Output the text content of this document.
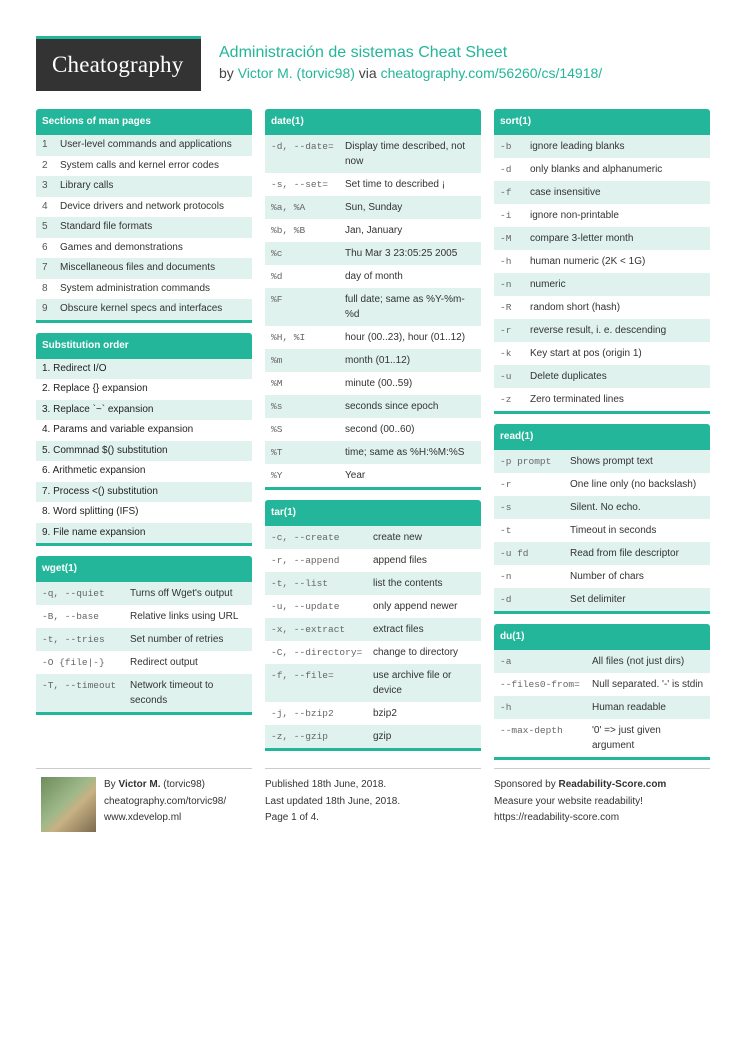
Cheatography Administración de sistemas Cheat Sheet
by Victor M. (torvic98) via cheatography.com/56260/cs/14918/
Sections of man pages
1	User-level commands and applications
2	System calls and kernel error codes
3	Library calls
4	Device drivers and network protocols
5	Standard file formats
6	Games and demonstrations
7	Miscellaneous files and documents
8	System administration commands
9	Obscure kernel specs and interfaces
Substitution order
1. Redirect I/O
2. Replace {} expansion
3. Replace `~` expansion
4. Params and variable expansion
5. Commnad $() substitution
6. Arithmetic expansion
7. Process <() substitution
8. Word splitting (IFS)
9. File name expansion
wget(1)
-q, --quiet	Turns off Wget's output
-B, --base	Relative links using URL
-t, --tries	Set number of retries
-O {file|-}	Redirect output
-T, --timeout	Network timeout to seconds
date(1)
-d, --date=	Display time described, not now
-s, --set=	Set time to described ¡
%a, %A	Sun, Sunday
%b, %B	Jan, January
%c	Thu Mar 3 23:05:25 2005
%d	day of month
%F	full date; same as %Y-%m-%d
%H, %I	hour (00..23), hour (01..12)
%m	month (01..12)
%M	minute (00..59)
%s	seconds since epoch
%S	second (00..60)
%T	time; same as %H:%M:%S
%Y	Year
tar(1)
-c, --create	create new
-r, --append	append files
-t, --list	list the contents
-u, --update	only append newer
-x, --extract	extract files
-C, --directory=	change to directory
-f, --file=	use archive file or device
-j, --bzip2	bzip2
-z, --gzip	gzip
sort(1)
-b	ignore leading blanks
-d	only blanks and alphanumeric
-f	case insensitive
-i	ignore non-printable
-M	compare 3-letter month
-h	human numeric (2K < 1G)
-n	numeric
-R	random short (hash)
-r	reverse result, i. e. descending
-k	Key start at pos (origin 1)
-u	Delete duplicates
-z	Zero terminated lines
read(1)
-p prompt	Shows prompt text
-r	One line only (no backslash)
-s	Silent. No echo.
-t	Timeout in seconds
-u fd	Read from file descriptor
-n	Number of chars
-d	Set delimiter
du(1)
-a	All files (not just dirs)
--files0-from=	Null separated. '-' is stdin
-h	Human readable
--max-depth	'0' => just given argument

By Victor M. (torvic98)

cheatography.com/torvic98/

www.xdevelop.ml

Published 18th June, 2018.

Last updated 18th June, 2018.

Page 1 of 4.

Sponsored by Readability-Score.com

Measure your website readability!

https://readability-score.com
